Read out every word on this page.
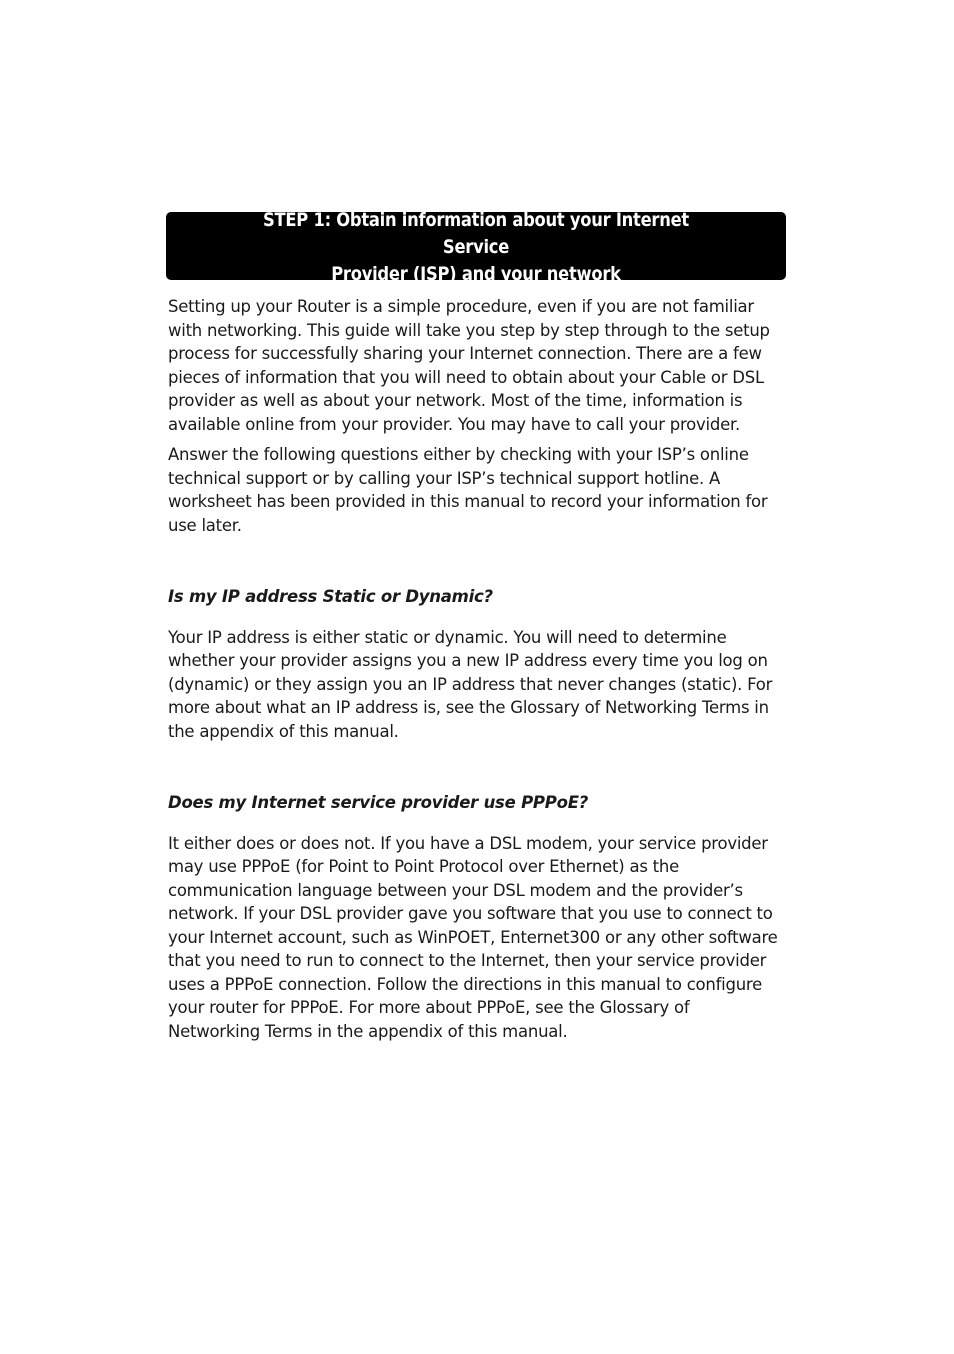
STEP 1: Obtain information about your Internet Service
Provider (ISP) and your network

Setting up your Router is a simple procedure, even if you are not familiar with networking. This guide will take you step by step through to the setup process for successfully sharing your Internet connection. There are a few pieces of information that you will need to obtain about your Cable or DSL provider as well as about your network. Most of the time, information is available online from your provider. You may have to call your provider.

Answer the following questions either by checking with your ISP’s online technical support or by calling your ISP’s technical support hotline. A worksheet has been provided in this manual to record your information for use later.

Is my IP address Static or Dynamic?

Your IP address is either static or dynamic. You will need to determine whether your provider assigns you a new IP address every time you log on (dynamic) or they assign you an IP address that never changes (static). For more about what an IP address is, see the Glossary of Networking Terms in the appendix of this manual.

Does my Internet service provider use PPPoE?

It either does or does not. If you have a DSL modem, your service provider may use PPPoE (for Point to Point Protocol over Ethernet) as the communication language between your DSL modem and the provider’s network. If your DSL provider gave you software that you use to connect to your Internet account, such as WinPOET, Enternet300 or any other software that you need to run to connect to the Internet, then your service provider uses a PPPoE connection. Follow the directions in this manual to configure your router for PPPoE. For more about PPPoE, see the Glossary of Networking Terms in the appendix of this manual.
